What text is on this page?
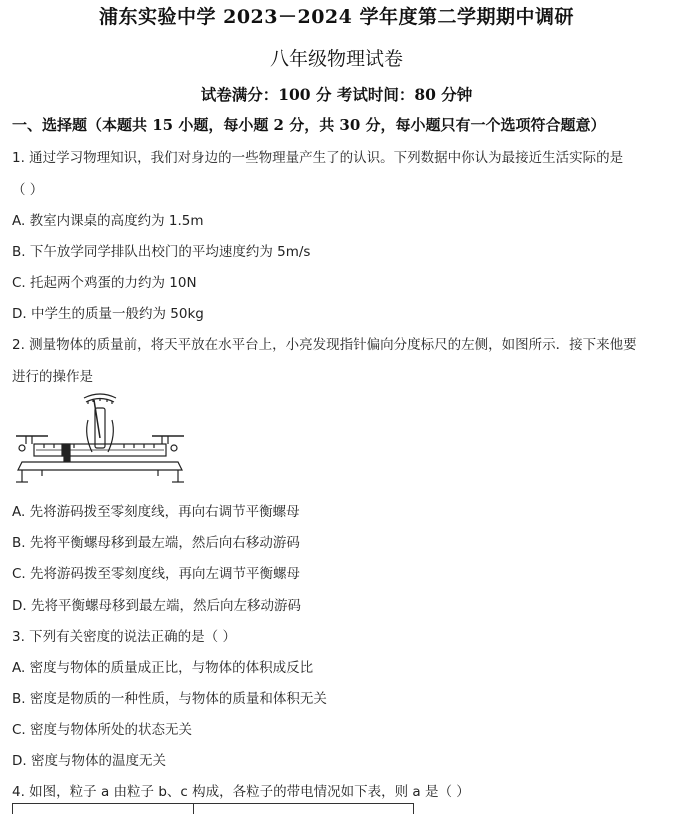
浦东实验中学 2023－2024 学年度第二学期期中调研
八年级物理试卷
试卷满分：100 分 考试时间：80 分钟
一、选择题（本题共 15 小题，每小题 2 分，共 30 分，每小题只有一个选项符合题意）
1. 通过学习物理知识，我们对身边的一些物理量产生了的认识。下列数据中你认为最接近生活实际的是
（ ）
A. 教室内课桌的高度约为 1.5m
B. 下午放学同学排队出校门的平均速度约为 5m/s
C. 托起两个鸡蛋的力约为 10N
D. 中学生的质量一般约为 50kg
2. 测量物体的质量前，将天平放在水平台上，小亮发现指针偏向分度标尺的左侧，如图所示．接下来他要
进行的操作是
A. 先将游码拨至零刻度线，再向右调节平衡螺母
B. 先将平衡螺母移到最左端，然后向右移动游码
C. 先将游码拨至零刻度线，再向左调节平衡螺母
D. 先将平衡螺母移到最左端，然后向左移动游码
3. 下列有关密度的说法正确的是（ ）
A. 密度与物体的质量成正比，与物体的体积成反比
B. 密度是物质的一种性质，与物体的质量和体积无关
C. 密度与物体所处的状态无关
D. 密度与物体的温度无关
4. 如图，粒子 a 由粒子 b、c 构成，各粒子的带电情况如下表，则 a 是（ ）
